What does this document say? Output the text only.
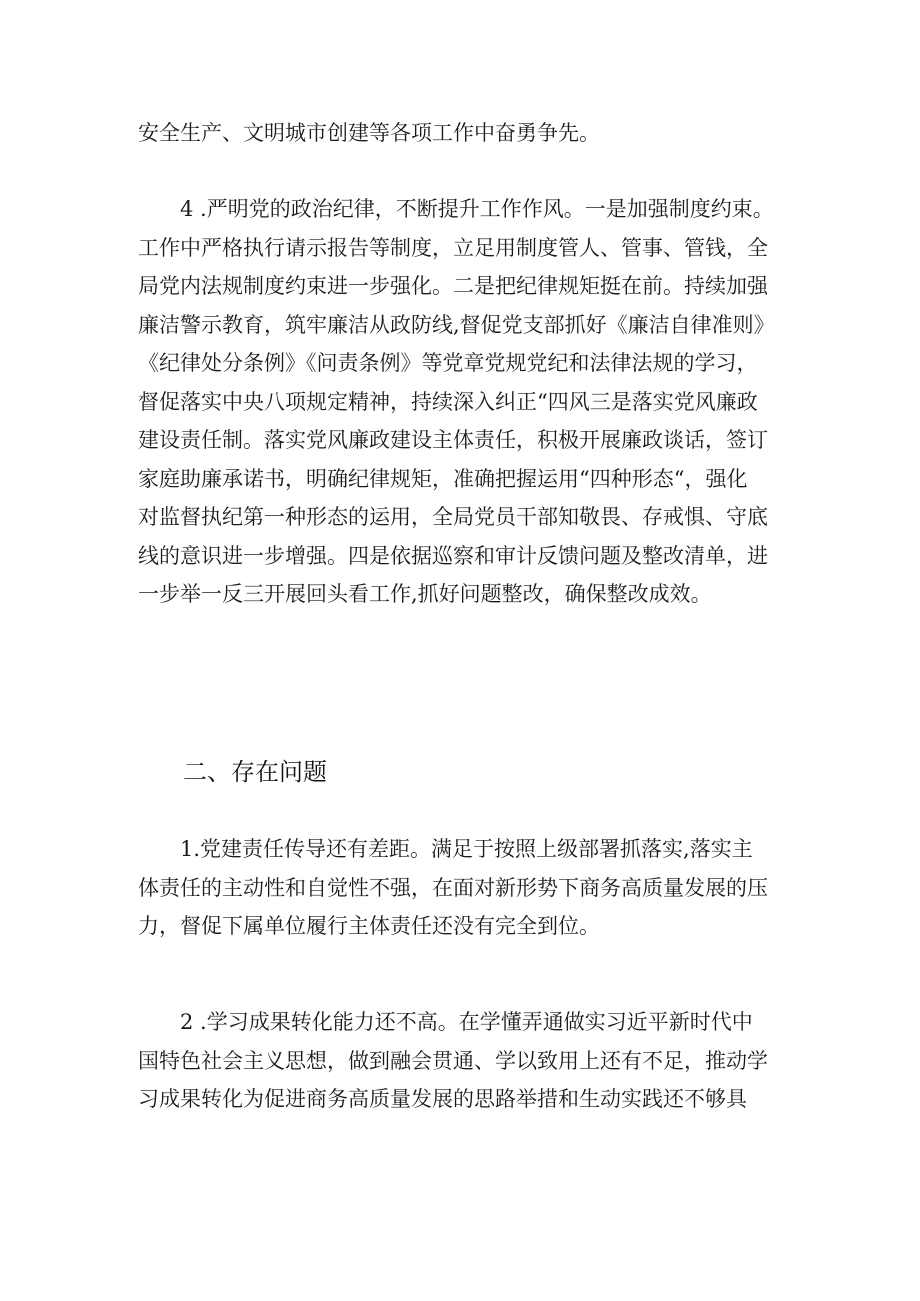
安全生产、文明城市创建等各项工作中奋勇争先。
4 .严明党的政治纪律，不断提升工作作风。一是加强制度约束。
工作中严格执行请示报告等制度，立足用制度管人、管事、管钱，全
局党内法规制度约束进一步强化。二是把纪律规矩挺在前。持续加强
廉洁警示教育，筑牢廉洁从政防线,督促党支部抓好《廉洁自律准则》
《纪律处分条例》《问责条例》等党章党规党纪和法律法规的学习，
督促落实中央八项规定精神，持续深入纠正“四风三是落实党风廉政
建设责任制。落实党风廉政建设主体责任，积极开展廉政谈话，签订
家庭助廉承诺书，明确纪律规矩，准确把握运用“四种形态“，强化
对监督执纪第一种形态的运用，全局党员干部知敬畏、存戒惧、守底
线的意识进一步增强。四是依据巡察和审计反馈问题及整改清单，进
一步举一反三开展回头看工作,抓好问题整改，确保整改成效。
二、存在问题
1.党建责任传导还有差距。满足于按照上级部署抓落实,落实主
体责任的主动性和自觉性不强，在面对新形势下商务高质量发展的压
力，督促下属单位履行主体责任还没有完全到位。
2 .学习成果转化能力还不高。在学懂弄通做实习近平新时代中
国特色社会主义思想，做到融会贯通、学以致用上还有不足，推动学
习成果转化为促进商务高质量发展的思路举措和生动实践还不够具
